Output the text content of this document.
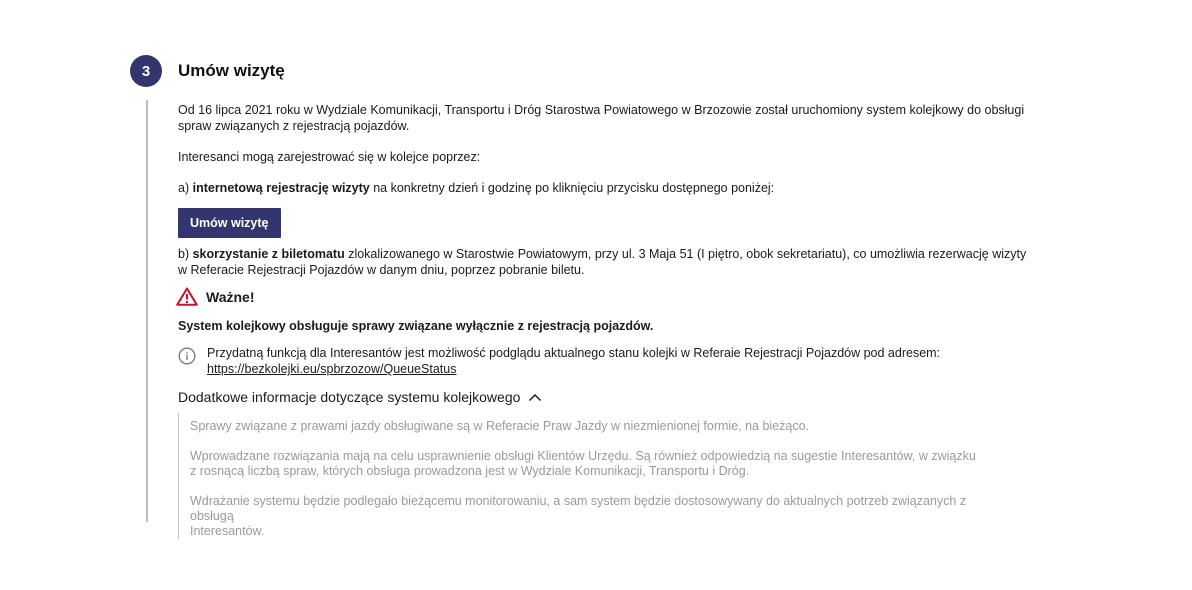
3 Umów wizytę

Od 16 lipca 2021 roku w Wydziale Komunikacji, Transportu i Dróg Starostwa Powiatowego w Brzozowie został uruchomiony system kolejkowy do obsługi
spraw związanych z rejestracją pojazdów.

Interesanci mogą zarejestrować się w kolejce poprzez:

a) internetową rejestrację wizyty na konkretny dzień i godzinę po kliknięciu przycisku dostępnego poniżej:

Umów wizytę

b) skorzystanie z biletomatu zlokalizowanego w Starostwie Powiatowym, przy ul. 3 Maja 51 (I piętro, obok sekretariatu), co umożliwia rezerwację wizyty
w Referacie Rejestracji Pojazdów w danym dniu, poprzez pobranie biletu.

Ważne!

System kolejkowy obsługuje sprawy związane wyłącznie z rejestracją pojazdów.

Przydatną funkcją dla Interesantów jest możliwość podglądu aktualnego stanu kolejki w Referaie Rejestracji Pojazdów pod adresem:
https://bezkolejki.eu/spbrzozow/QueueStatus
Dodatkowe informacje dotyczące systemu kolejkowego

Sprawy związane z prawami jazdy obsługiwane są w Referacie Praw Jazdy w niezmienionej formie, na bieżąco.

Wprowadzane rozwiązania mają na celu usprawnienie obsługi Klientów Urzędu. Są również odpowiedzią na sugestie Interesantów, w związku
z rosnącą liczbą spraw, których obsługa prowadzona jest w Wydziale Komunikacji, Transportu i Dróg.

Wdrażanie systemu będzie podlegało bieżącemu monitorowaniu, a sam system będzie dostosowywany do aktualnych potrzeb związanych z obsługą
Interesantów.
